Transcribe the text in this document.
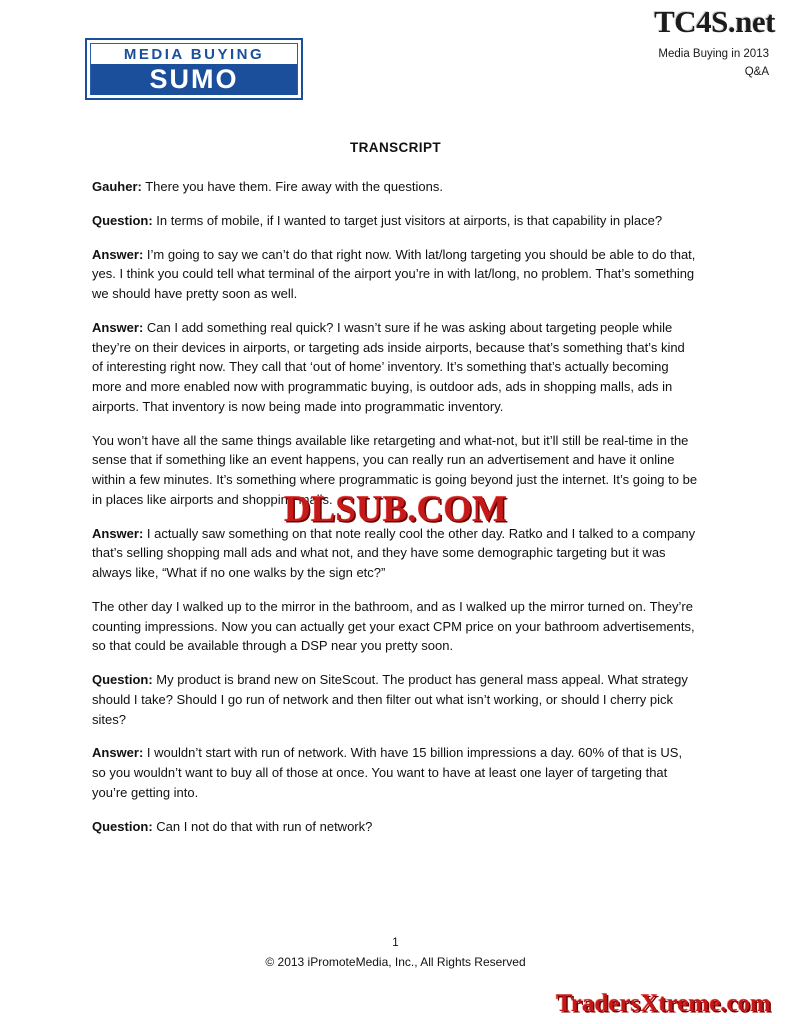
TC4S.net
Media Buying in 2013
Q&A
MEDIA BUYING
SUMO
TRANSCRIPT

Gauher: There you have them. Fire away with the questions.

Question: In terms of mobile, if I wanted to target just visitors at airports, is that capability in place?

Answer: I’m going to say we can’t do that right now. With lat/long targeting you should be able to do that, yes. I think you could tell what terminal of the airport you’re in with lat/long, no problem. That’s something we should have pretty soon as well.

Answer: Can I add something real quick? I wasn’t sure if he was asking about targeting people while they’re on their devices in airports, or targeting ads inside airports, because that’s something that’s kind of interesting right now. They call that ‘out of home’ inventory. It’s something that’s actually becoming more and more enabled now with programmatic buying, is outdoor ads, ads in shopping malls, ads in airports. That inventory is now being made into programmatic inventory.

You won’t have all the same things available like retargeting and what-not, but it’ll still be real-time in the sense that if something like an event happens, you can really run an advertisement and have it online within a few minutes. It’s something where programmatic is going beyond just the internet. It’s going to be in places like airports and shopping malls.

Answer: I actually saw something on that note really cool the other day. Ratko and I talked to a company that’s selling shopping mall ads and what not, and they have some demographic targeting but it was always like, “What if no one walks by the sign etc?”

The other day I walked up to the mirror in the bathroom, and as I walked up the mirror turned on. They’re counting impressions. Now you can actually get your exact CPM price on your bathroom advertisements, so that could be available through a DSP near you pretty soon.

Question: My product is brand new on SiteScout. The product has general mass appeal. What strategy should I take? Should I go run of network and then filter out what isn’t working, or should I cherry pick sites?

Answer: I wouldn’t start with run of network. With have 15 billion impressions a day. 60% of that is US, so you wouldn’t want to buy all of those at once. You want to have at least one layer of targeting that you’re getting into.

Question: Can I not do that with run of network?

DLSUB.COM
1
© 2013 iPromoteMedia, Inc., All Rights Reserved
TradersXtreme.com
